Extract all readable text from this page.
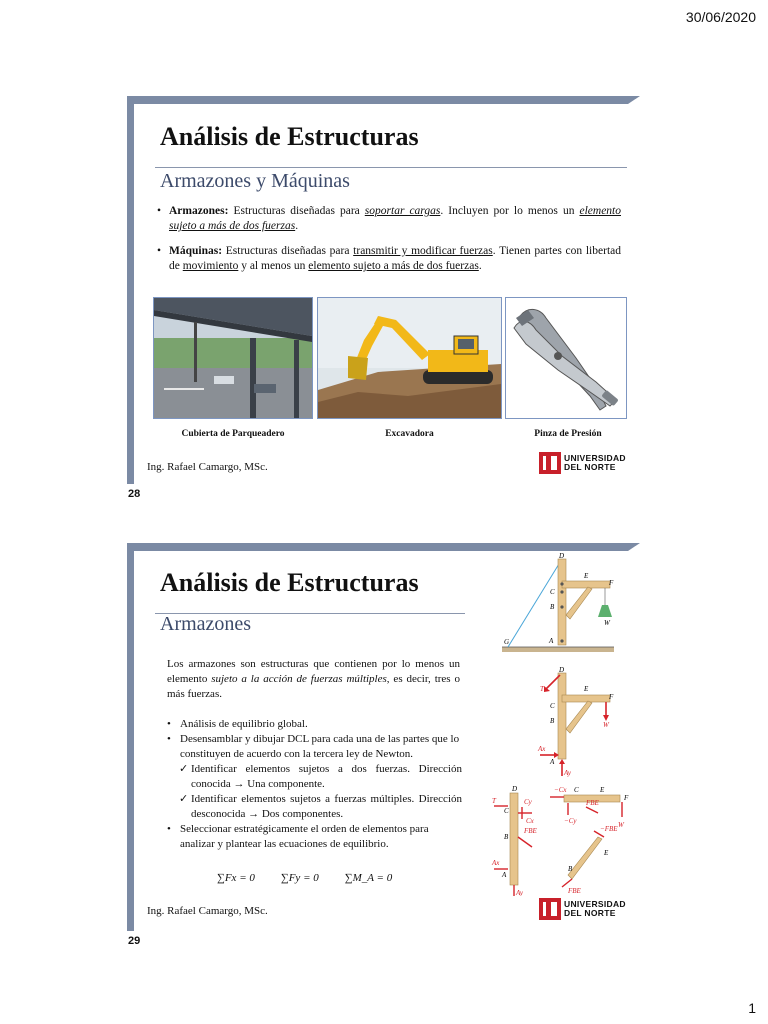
30/06/2020
Análisis de Estructuras
Armazones y Máquinas
• Armazones: Estructuras diseñadas para soportar cargas. Incluyen por lo menos un elemento sujeto a más de dos fuerzas.
• Máquinas: Estructuras diseñadas para transmitir y modificar fuerzas. Tienen partes con libertad de movimiento y al menos un elemento sujeto a más de dos fuerzas.
Cubierta de Parqueadero	Excavadora	Pinza de Presión
Ing. Rafael Camargo, MSc.
UNIVERSIDAD
DEL NORTE
28
Análisis de Estructuras
Armazones
Los armazones son estructuras que contienen por lo menos un elemento sujeto a la acción de fuerzas múltiples, es decir, tres o más fuerzas.
• Análisis de equilibrio global.
• Desensamblar y dibujar DCL para cada una de las partes que lo constituyen de acuerdo con la tercera ley de Newton.
✓ Identificar elementos sujetos a dos fuerzas. Dirección conocida → Una componente.
✓ Identificar elementos sujetos a fuerzas múltiples. Dirección desconocida → Dos componentes.
• Seleccionar estratégicamente el orden de elementos para analizar y plantear las ecuaciones de equilibrio.
∑Fx = 0 ∑Fy = 0 ∑M_A = 0
Ing. Rafael Camargo, MSc.
UNIVERSIDAD
DEL NORTE
29
D
E
F
C
B
A
G
W
D
E
F
C
B
A
T
W
Ax
Ay
D
T	Cy
Cx
C
B
FBE
Ax
A
Ay
−Cx C	E
F
−Cy
FBE
W
−FBE
E
B
FBE
1
